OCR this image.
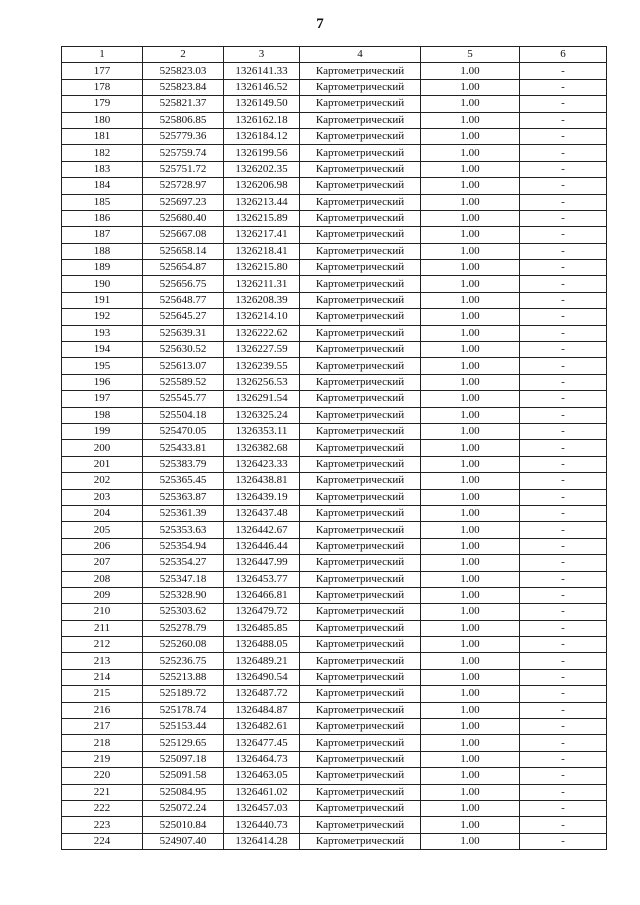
7
1	2	3	4	5	6
177	525823.03	1326141.33	Картометрический	1.00	-
178	525823.84	1326146.52	Картометрический	1.00	-
179	525821.37	1326149.50	Картометрический	1.00	-
180	525806.85	1326162.18	Картометрический	1.00	-
181	525779.36	1326184.12	Картометрический	1.00	-
182	525759.74	1326199.56	Картометрический	1.00	-
183	525751.72	1326202.35	Картометрический	1.00	-
184	525728.97	1326206.98	Картометрический	1.00	-
185	525697.23	1326213.44	Картометрический	1.00	-
186	525680.40	1326215.89	Картометрический	1.00	-
187	525667.08	1326217.41	Картометрический	1.00	-
188	525658.14	1326218.41	Картометрический	1.00	-
189	525654.87	1326215.80	Картометрический	1.00	-
190	525656.75	1326211.31	Картометрический	1.00	-
191	525648.77	1326208.39	Картометрический	1.00	-
192	525645.27	1326214.10	Картометрический	1.00	-
193	525639.31	1326222.62	Картометрический	1.00	-
194	525630.52	1326227.59	Картометрический	1.00	-
195	525613.07	1326239.55	Картометрический	1.00	-
196	525589.52	1326256.53	Картометрический	1.00	-
197	525545.77	1326291.54	Картометрический	1.00	-
198	525504.18	1326325.24	Картометрический	1.00	-
199	525470.05	1326353.11	Картометрический	1.00	-
200	525433.81	1326382.68	Картометрический	1.00	-
201	525383.79	1326423.33	Картометрический	1.00	-
202	525365.45	1326438.81	Картометрический	1.00	-
203	525363.87	1326439.19	Картометрический	1.00	-
204	525361.39	1326437.48	Картометрический	1.00	-
205	525353.63	1326442.67	Картометрический	1.00	-
206	525354.94	1326446.44	Картометрический	1.00	-
207	525354.27	1326447.99	Картометрический	1.00	-
208	525347.18	1326453.77	Картометрический	1.00	-
209	525328.90	1326466.81	Картометрический	1.00	-
210	525303.62	1326479.72	Картометрический	1.00	-
211	525278.79	1326485.85	Картометрический	1.00	-
212	525260.08	1326488.05	Картометрический	1.00	-
213	525236.75	1326489.21	Картометрический	1.00	-
214	525213.88	1326490.54	Картометрический	1.00	-
215	525189.72	1326487.72	Картометрический	1.00	-
216	525178.74	1326484.87	Картометрический	1.00	-
217	525153.44	1326482.61	Картометрический	1.00	-
218	525129.65	1326477.45	Картометрический	1.00	-
219	525097.18	1326464.73	Картометрический	1.00	-
220	525091.58	1326463.05	Картометрический	1.00	-
221	525084.95	1326461.02	Картометрический	1.00	-
222	525072.24	1326457.03	Картометрический	1.00	-
223	525010.84	1326440.73	Картометрический	1.00	-
224	524907.40	1326414.28	Картометрический	1.00	-
